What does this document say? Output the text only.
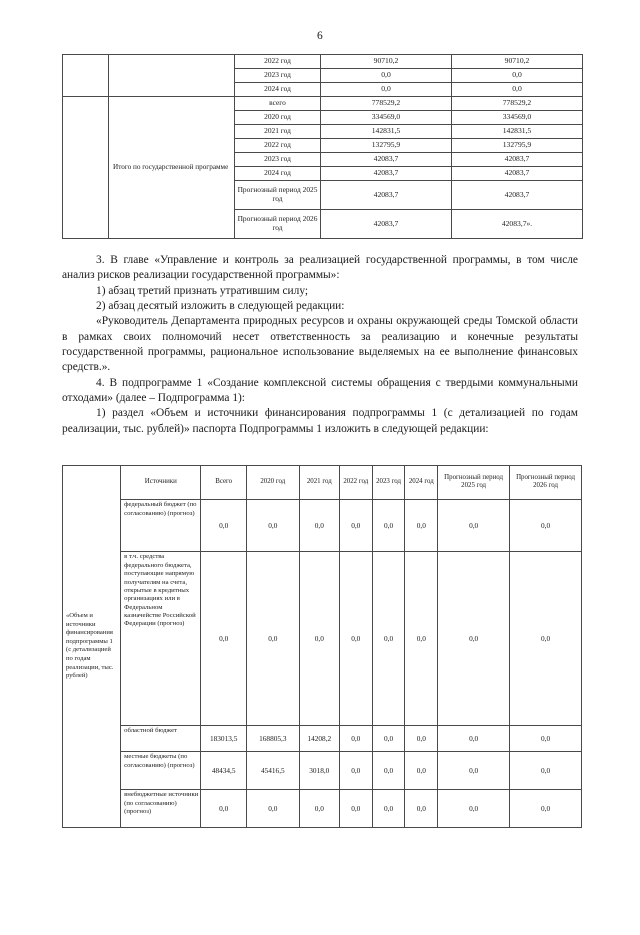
6
		2022 год	90710,2	90710,2
		2023 год	0,0	0,0
		2024 год	0,0	0,0
	Итого по государственной программе	всего	778529,2	778529,2
		2020 год	334569,0	334569,0
		2021 год	142831,5	142831,5
		2022 год	132795,9	132795,9
		2023 год	42083,7	42083,7
		2024 год	42083,7	42083,7
		Прогнозный период 2025 год	42083,7	42083,7
		Прогнозный период 2026 год	42083,7	42083,7».

3. В главе «Управление и контроль за реализацией государственной программы, в том числе анализ рисков реализации государственной программы»:

1) абзац третий признать утратившим силу;

2) абзац десятый изложить в следующей редакции:

«Руководитель Департамента природных ресурсов и охраны окружающей среды Томской области в рамках своих полномочий несет ответственность за реализацию и конечные результаты государственной программы, рациональное использование выделяемых на ее выполнение финансовых средств.».

4. В подпрограмме 1 «Создание комплексной системы обращения с твердыми коммунальными отходами» (далее – Подпрограмма 1):

1) раздел «Объем и источники финансирования подпрограммы 1 (с детализацией по годам реализации, тыс. рублей)» паспорта Подпрограммы 1 изложить в следующей редакции:

«Объем и источники финансирования подпрограммы 1 (с детализацией по годам реализации, тыс. рублей)	Источники	Всего	2020 год	2021 год	2022 год	2023 год	2024 год	Прогнозный период 2025 год	Прогнозный период 2026 год
	федеральный бюджет (по согласованию) (прогноз)	0,0	0,0	0,0	0,0	0,0	0,0	0,0	0,0
	в т.ч. средства федерального бюджета, поступающие напрямую получателям на счета, открытые в кредитных организациях или в Федеральном казначействе Российской Федерации (прогноз)	0,0	0,0	0,0	0,0	0,0	0,0	0,0	0,0
	областной бюджет	183013,5	168805,3	14208,2	0,0	0,0	0,0	0,0	0,0
	местные бюджеты (по согласованию) (прогноз)	48434,5	45416,5	3018,0	0,0	0,0	0,0	0,0	0,0
	внебюджетные источники (по согласованию) (прогноз)	0,0	0,0	0,0	0,0	0,0	0,0	0,0	0,0
